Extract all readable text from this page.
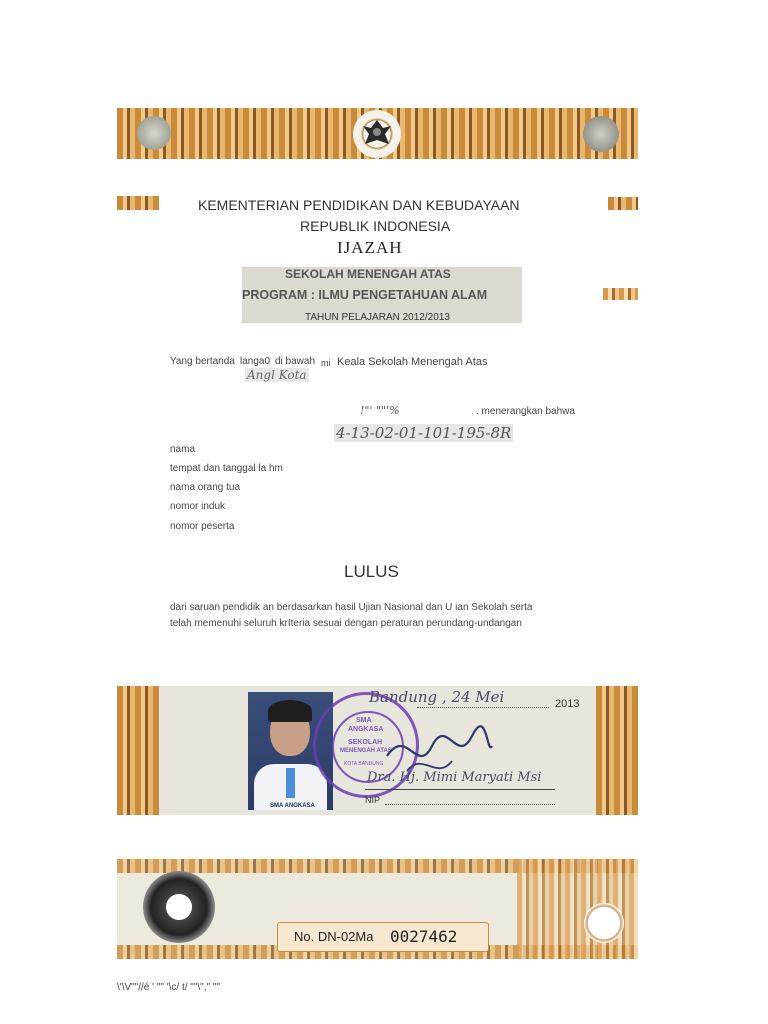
KEMENTERIAN PENDIDIKAN DAN KEBUDAYAAN
REPUBLIK INDONESIA
IJAZAH
SEKOLAH MENENGAH ATAS
PROGRAM : ILMU PENGETAHUAN ALAM
TAHUN PELAJARAN 2012/2013
Yang bertanda langa0 di bawah mi Keala Sekolah Menengah Atas
Angl Kota
!"' ""'%	. menerangkan bahwa
4-13-02-01-101-195-8R
nama
tempat dan tanggal la hm
nama orang tua
nomor induk
nomor peserta
LULUS
dari saruan pendidik an berdasarkan hasil Ujian Nasional dan U ian Sekolah serta
telah memenuhi seluruh krIteria sesuai dengan peraturan perundang-undangan
SMA ANGKASA
SMA
ANGKASA
SEKOLAH
MENENGAH ATAS
KOTA BANDUNG
Bandung , 24 Mei	2013
Dra. Hj. Mimi Maryati Msi
NIP
No. DN-02Ma 0027462
\'\V""//é ' "" '\c/ t/ ""\"," ""
